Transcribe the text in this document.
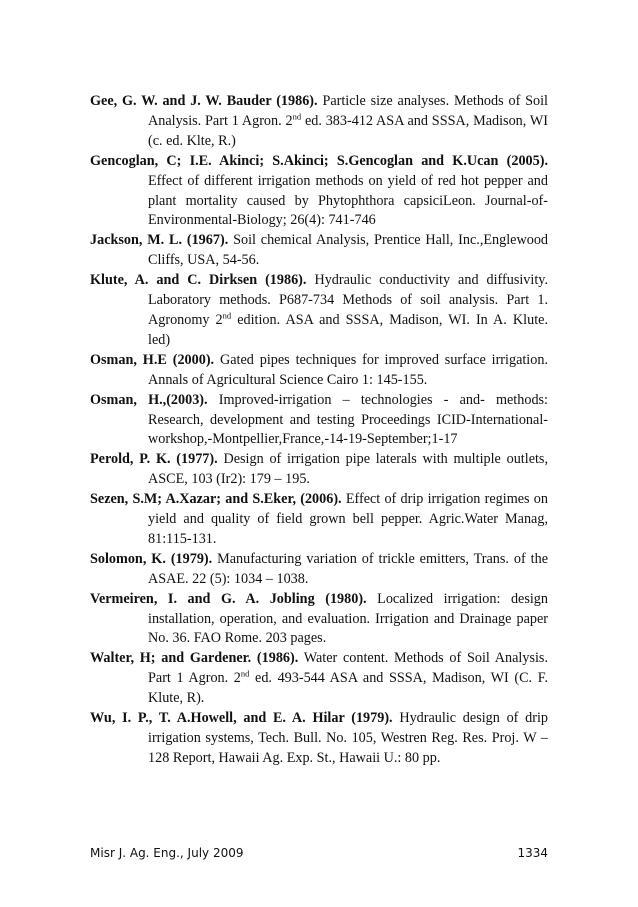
Gee, G. W. and J. W. Bauder (1986). Particle size analyses. Methods of Soil Analysis. Part 1 Agron. 2nd ed. 383-412 ASA and SSSA, Madison, WI (c. ed. Klte, R.)

Gencoglan, C; I.E. Akinci; S.Akinci; S.Gencoglan and K.Ucan (2005). Effect of different irrigation methods on yield of red hot pepper and plant mortality caused by Phytophthora capsiciLeon. Journal-of-Environmental-Biology; 26(4): 741-746

Jackson, M. L. (1967). Soil chemical Analysis, Prentice Hall, Inc.,Englewood Cliffs, USA, 54-56.

Klute, A. and C. Dirksen (1986). Hydraulic conductivity and diffusivity. Laboratory methods. P687-734 Methods of soil analysis. Part 1. Agronomy 2nd edition. ASA and SSSA, Madison, WI. In A. Klute. led)

Osman, H.E (2000). Gated pipes techniques for improved surface irrigation. Annals of Agricultural Science Cairo 1: 145-155.

Osman, H.,(2003). Improved-irrigation – technologies - and- methods: Research, development and testing Proceedings ICID-International-workshop,-Montpellier,France,-14-19-September;1-17

Perold, P. K. (1977). Design of irrigation pipe laterals with multiple outlets, ASCE, 103 (Ir2): 179 – 195.

Sezen, S.M; A.Xazar; and S.Eker, (2006). Effect of drip irrigation regimes on yield and quality of field grown bell pepper. Agric.Water Manag, 81:115-131.

Solomon, K. (1979). Manufacturing variation of trickle emitters, Trans. of the ASAE. 22 (5): 1034 – 1038.

Vermeiren, I. and G. A. Jobling (1980). Localized irrigation: design installation, operation, and evaluation. Irrigation and Drainage paper No. 36. FAO Rome. 203 pages.

Walter, H; and Gardener. (1986). Water content. Methods of Soil Analysis. Part 1 Agron. 2nd ed. 493-544 ASA and SSSA, Madison, WI (C. F. Klute, R).

Wu, I. P., T. A.Howell, and E. A. Hilar (1979). Hydraulic design of drip irrigation systems, Tech. Bull. No. 105, Westren Reg. Res. Proj. W – 128 Report, Hawaii Ag. Exp. St., Hawaii U.: 80 pp.

Misr J. Ag. Eng., July 2009	1334
